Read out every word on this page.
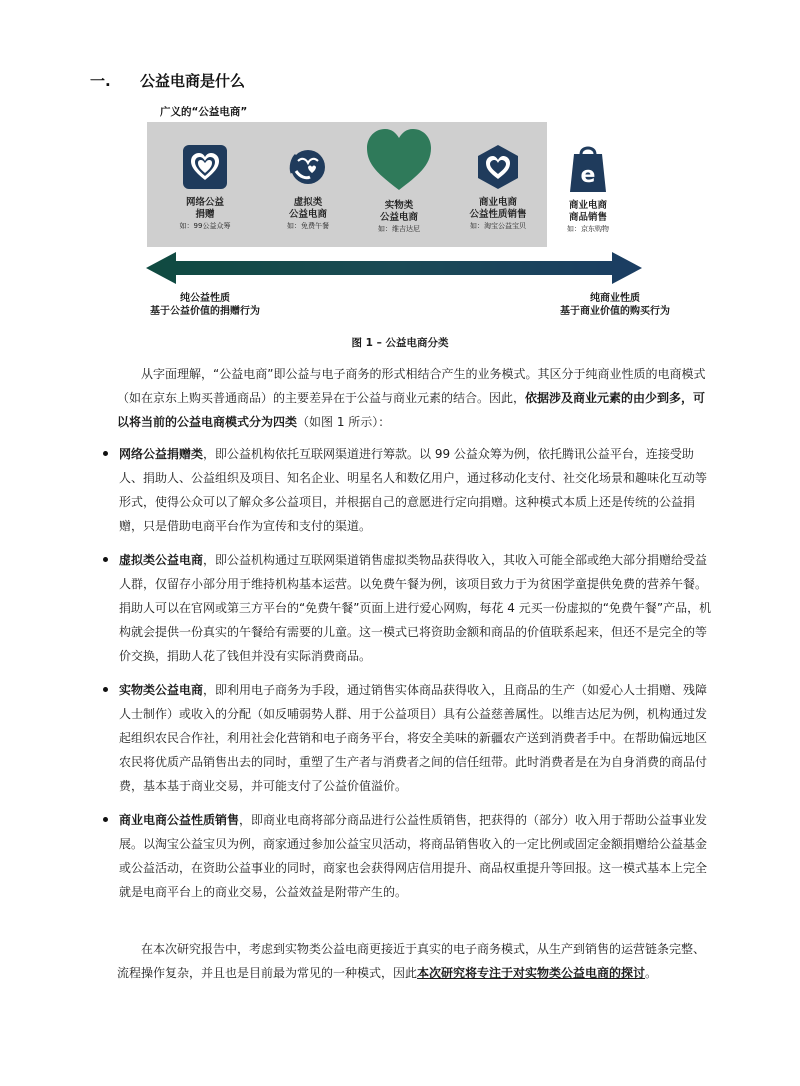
一. 公益电商是什么
广义的“公益电商”
网络公益
捐赠
如：99公益众筹
虚拟类
公益电商
如：免费午餐
实物类
公益电商
如：维吉达尼
商业电商
公益性质销售
如：淘宝公益宝贝
e
商业电商
商品销售
如：京东购物
纯公益性质
基于公益价值的捐赠行为
纯商业性质
基于商业价值的购买行为
图 1 – 公益电商分类
　　从字面理解，“公益电商”即公益与电子商务的形式相结合产生的业务模式。其区分于纯商业性质的电商模式（如在京东上购买普通商品）的主要差异在于公益与商业元素的结合。因此，依据涉及商业元素的由少到多，可以将当前的公益电商模式分为四类（如图 1 所示）：
网络公益捐赠类，即公益机构依托互联网渠道进行筹款。以 99 公益众筹为例，依托腾讯公益平台，连接受助人、捐助人、公益组织及项目、知名企业、明星名人和数亿用户，通过移动化支付、社交化场景和趣味化互动等形式，使得公众可以了解众多公益项目，并根据自己的意愿进行定向捐赠。这种模式本质上还是传统的公益捐赠，只是借助电商平台作为宣传和支付的渠道。
虚拟类公益电商，即公益机构通过互联网渠道销售虚拟类物品获得收入，其收入可能全部或绝大部分捐赠给受益人群，仅留存小部分用于维持机构基本运营。以免费午餐为例，该项目致力于为贫困学童提供免费的营养午餐。捐助人可以在官网或第三方平台的“免费午餐”页面上进行爱心网购，每花 4 元买一份虚拟的“免费午餐”产品，机构就会提供一份真实的午餐给有需要的儿童。这一模式已将资助金额和商品的价值联系起来，但还不是完全的等价交换，捐助人花了钱但并没有实际消费商品。
实物类公益电商，即利用电子商务为手段，通过销售实体商品获得收入，且商品的生产（如爱心人士捐赠、残障人士制作）或收入的分配（如反哺弱势人群、用于公益项目）具有公益慈善属性。以维吉达尼为例，机构通过发起组织农民合作社，利用社会化营销和电子商务平台，将安全美味的新疆农产送到消费者手中。在帮助偏远地区农民将优质产品销售出去的同时，重塑了生产者与消费者之间的信任纽带。此时消费者是在为自身消费的商品付费，基本基于商业交易，并可能支付了公益价值溢价。
商业电商公益性质销售，即商业电商将部分商品进行公益性质销售，把获得的（部分）收入用于帮助公益事业发展。以淘宝公益宝贝为例，商家通过参加公益宝贝活动，将商品销售收入的一定比例或固定金额捐赠给公益基金或公益活动，在资助公益事业的同时，商家也会获得网店信用提升、商品权重提升等回报。这一模式基本上完全就是电商平台上的商业交易，公益效益是附带产生的。
　　在本次研究报告中，考虑到实物类公益电商更接近于真实的电子商务模式，从生产到销售的运营链条完整、流程操作复杂，并且也是目前最为常见的一种模式，因此本次研究将专注于对实物类公益电商的探讨。
